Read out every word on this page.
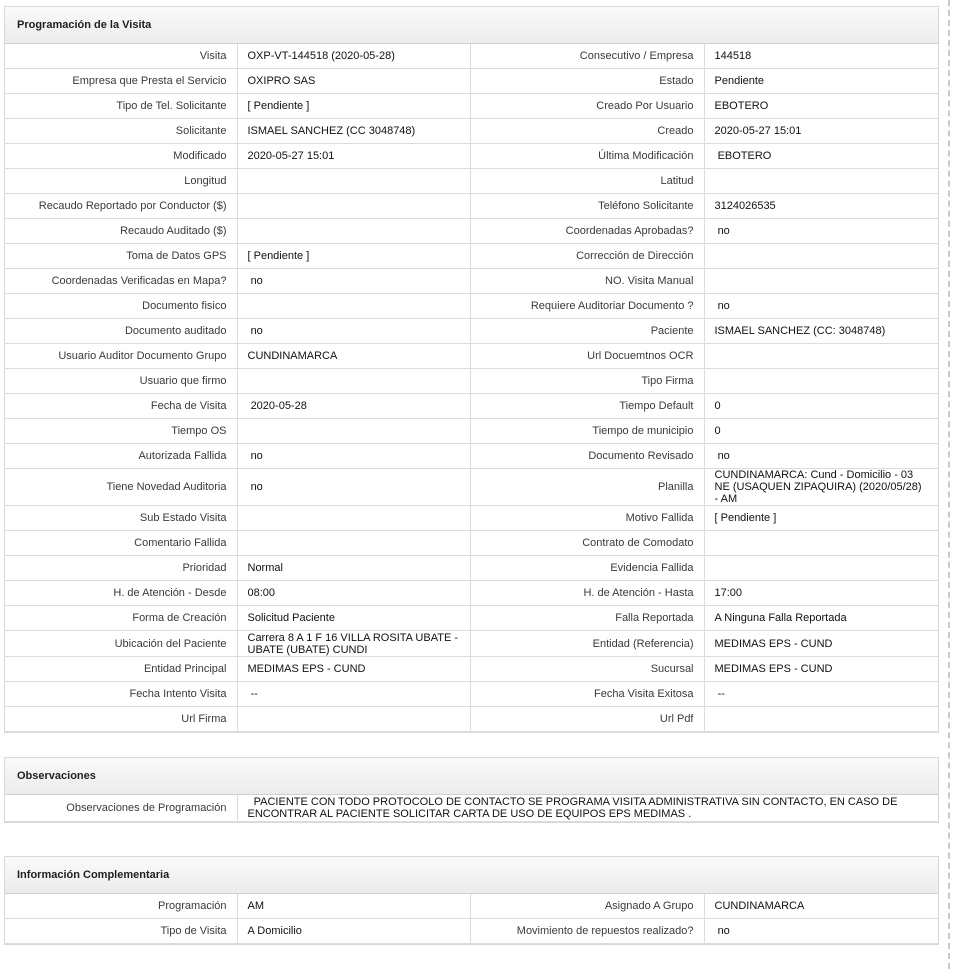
Programación de la Visita
Visita	OXP-VT-144518 (2020-05-28)	Consecutivo / Empresa	144518
Empresa que Presta el Servicio	OXIPRO SAS	Estado	Pendiente
Tipo de Tel. Solicitante	[ Pendiente ]	Creado Por Usuario	EBOTERO
Solicitante	ISMAEL SANCHEZ (CC 3048748)	Creado	2020-05-27 15:01
Modificado	2020-05-27 15:01	Última Modificación	EBOTERO
Longitud		Latitud	
Recaudo Reportado por Conductor ($)		Teléfono Solicitante	3124026535
Recaudo Auditado ($)		Coordenadas Aprobadas?	no
Toma de Datos GPS	[ Pendiente ]	Corrección de Dirección	
Coordenadas Verificadas en Mapa?	no	NO. Visita Manual	
Documento fisico		Requiere Auditoriar Documento ?	no
Documento auditado	no	Paciente	ISMAEL SANCHEZ (CC: 3048748)
Usuario Auditor Documento Grupo	CUNDINAMARCA	Url Docuemtnos OCR	
Usuario que firmo		Tipo Firma	
Fecha de Visita	2020-05-28	Tiempo Default	0
Tiempo OS		Tiempo de municipio	0
Autorizada Fallida	no	Documento Revisado	no
Tiene Novedad Auditoria	no	Planilla	CUNDINAMARCA: Cund - Domicilio - 03 NE (USAQUEN ZIPAQUIRA) (2020/05/28) - AM
Sub Estado Visita		Motivo Fallida	[ Pendiente ]
Comentario Fallida		Contrato de Comodato	
Prioridad	Normal	Evidencia Fallida	
H. de Atención - Desde	08:00	H. de Atención - Hasta	17:00
Forma de Creación	Solicitud Paciente	Falla Reportada	A Ninguna Falla Reportada
Ubicación del Paciente	Carrera 8 A 1 F 16 VILLA ROSITA UBATE - UBATE (UBATE) CUNDI	Entidad (Referencia)	MEDIMAS EPS - CUND
Entidad Principal	MEDIMAS EPS - CUND	Sucursal	MEDIMAS EPS - CUND
Fecha Intento Visita	--	Fecha Visita Exitosa	--
Url Firma		Url Pdf	
Observaciones
Observaciones de Programación	PACIENTE CON TODO PROTOCOLO DE CONTACTO SE PROGRAMA VISITA ADMINISTRATIVA SIN CONTACTO, EN CASO DE ENCONTRAR AL PACIENTE SOLICITAR CARTA DE USO DE EQUIPOS EPS MEDIMAS .
Información Complementaria
Programación	AM	Asignado A Grupo	CUNDINAMARCA
Tipo de Visita	A Domicilio	Movimiento de repuestos realizado?	no
